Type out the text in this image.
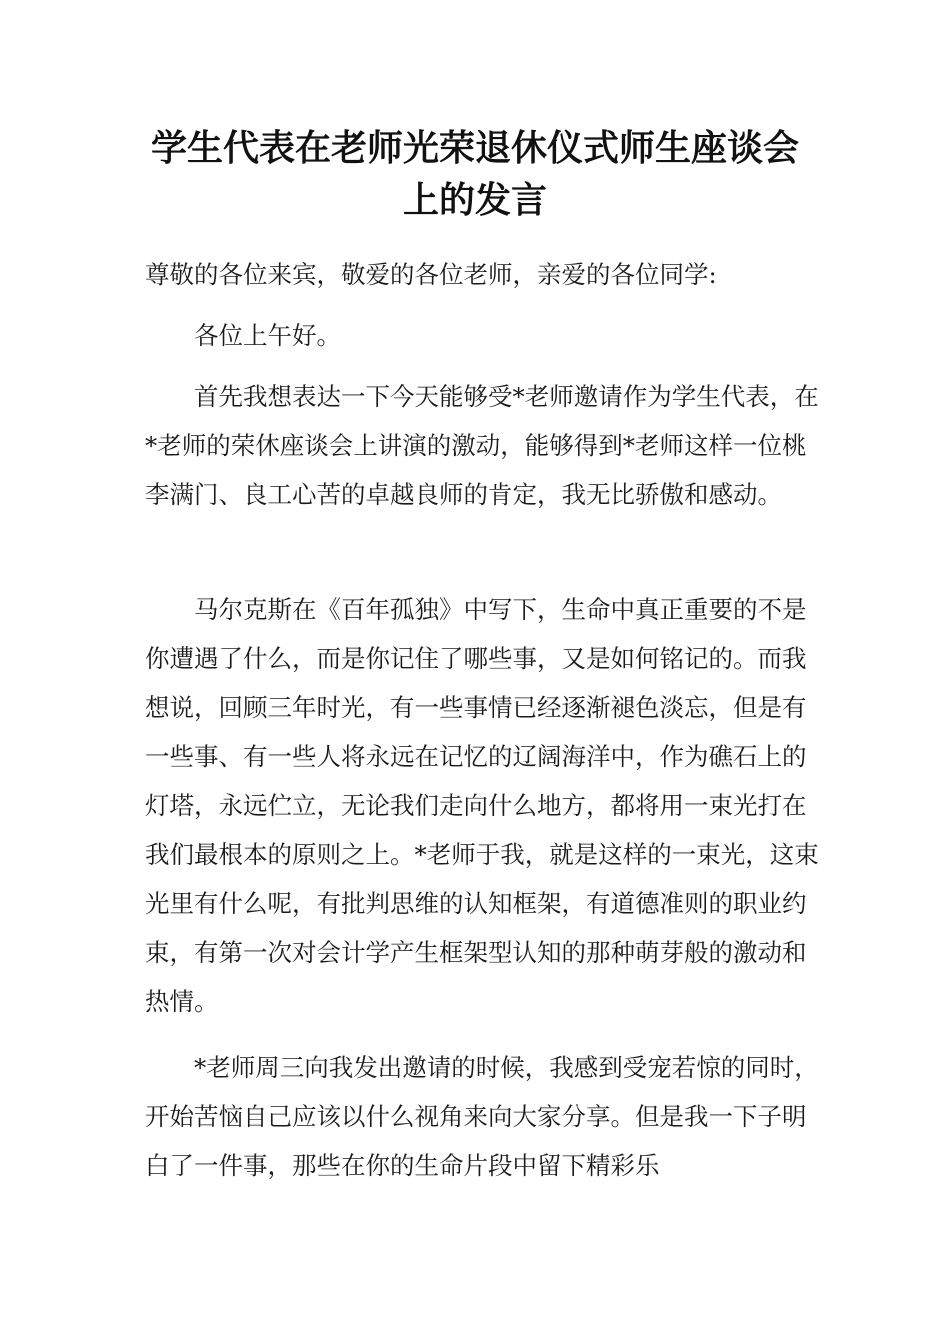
学生代表在老师光荣退休仪式师生座谈会
上的发言

尊敬的各位来宾，敬爱的各位老师，亲爱的各位同学:

各位上午好。

首先我想表达一下今天能够受*老师邀请作为学生代表，在*老师的荣休座谈会上讲演的激动，能够得到*老师这样一位桃李满门、良工心苦的卓越良师的肯定，我无比骄傲和感动。

马尔克斯在《百年孤独》中写下，生命中真正重要的不是你遭遇了什么，而是你记住了哪些事，又是如何铭记的。而我想说，回顾三年时光，有一些事情已经逐渐褪色淡忘，但是有一些事、有一些人将永远在记忆的辽阔海洋中，作为礁石上的灯塔，永远伫立，无论我们走向什么地方，都将用一束光打在我们最根本的原则之上。*老师于我，就是这样的一束光，这束光里有什么呢，有批判思维的认知框架，有道德准则的职业约束，有第一次对会计学产生框架型认知的那种萌芽般的激动和热情。

*老师周三向我发出邀请的时候，我感到受宠若惊的同时，开始苦恼自己应该以什么视角来向大家分享。但是我一下子明白了一件事，那些在你的生命片段中留下精彩乐
